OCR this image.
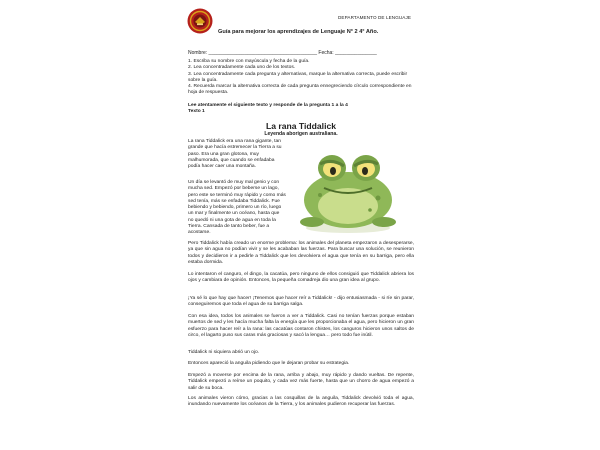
DEPARTAMENTO DE LENGUAJE
Guía para mejorar los aprendizajes de Lenguaje N° 2 4° Año.
Nombre: _______________________________________ Fecha: _______________

1. Escriba su nombre con mayúscula y fecha de la guía.

2. Lea concentradamente cada uno de los textos.

3. Lea concentradamente cada pregunta y alternativas, marque la alternativa correcta, puede escribir sobre la guía.

4. Recuerda marcar la alternativa correcta de cada pregunta ennegreciendo círculo correspondiente en hoja de respuesta.

Lee atentamente el siguiente texto y responde de la pregunta 1 a la 4
Texto 1
La rana Tiddalick
Leyenda aborigen australiana.

La rana Tiddalick era una rana gigante, tan grande que hacía estremecer la Tierra a su paso. Era una gran glotona, muy malhumorada, que cuando se enfadaba podía hacer caer una montaña.

Un día se levantó de muy mal genio y con mucha sed. Empezó por beberse un lago, pero este se terminó muy rápido y como más sed tenía, más se enfadaba Tiddalick. Fue bebiendo y bebiendo, primero un río, luego un mar y finalmente un océano, hasta que no quedó ni una gota de agua en toda la Tierra. Cansada de tanto beber, fue a acostarse.

Pero Tiddalick había creado un enorme problema: los animales del planeta empezaron a desesperarse, ya que sin agua no podían vivir y se les acababan las fuerzas. Para buscar una solución, se reunieron todos y decidieron ir a pedirle a Tiddalick que les devolviera el agua que tenía en su barriga, pero ella estaba dormida.
Lo intentaron el canguro, el dingo, la cacatúa, pero ninguno de ellos consiguió que Tiddalick abriera los ojos y cambiara de opinión. Entonces, la pequeña comadreja dio una gran idea al grupo.
¡Ya sé lo que hay que hacer! ¡Tenemos que hacer reír a Tiddalick! - dijo entusiasmada - si ríe sin parar, conseguiremos que toda el agua de su barriga salga.
Con esa idea, todos los animales se fueron a ver a Tiddalick. Casi no tenían fuerzas porque estaban muertos de sed y les hacía mucha falta la energía que les proporcionaba el agua, pero hicieron un gran esfuerzo para hacer reír a la rana: las cacatúas contaron chistes, los canguros hicieron unos saltos de circo, el lagarto puso sus caras más graciosas y sacó la lengua… pero todo fue inútil.
Tiddalick ni siquiera abrió un ojo.
Entonces apareció la anguila pidiendo que le dejaran probar su estrategia.
Empezó a moverse por encima de la rana, arriba y abajo, muy rápido y dando vueltas. De repente, Tiddalick empezó a reírse un poquito, y cada vez más fuerte, hasta que un chorro de agua empezó a salir de su boca.
Los animales vieron cómo, gracias a las cosquillas de la anguila, Tiddalick devolvió toda el agua, inundando nuevamente los océanos de la Tierra, y los animales pudieron recuperar las fuerzas.
